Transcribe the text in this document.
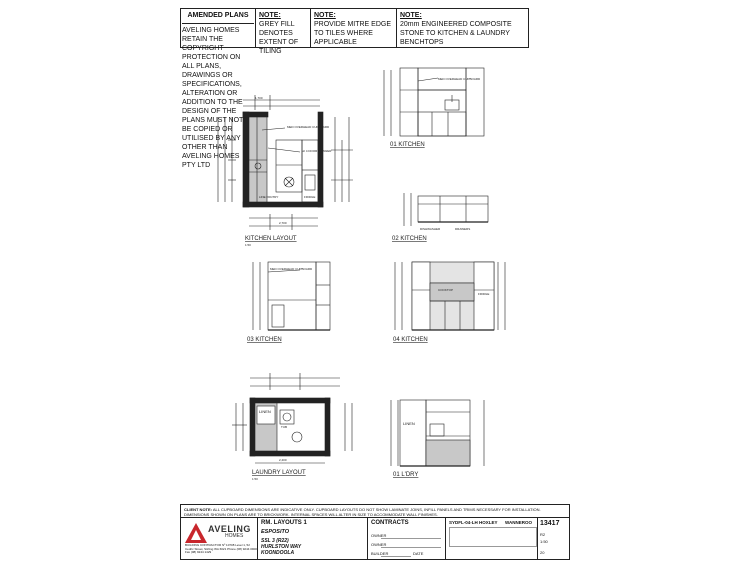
AMENDED PLANS
AVELING HOMES RETAIN THE COPYRIGHT PROTECTION ON ALL PLANS, DRAWINGS OR SPECIFICATIONS, ALTERATION OR ADDITION TO THE DESIGN OF THE PLANS MUST NOT BE COPIED OR UTILISED BY ANY OTHER THAN AVELING HOMES PTY LTD
NOTE:
GREY FILL DENOTES EXTENT OF TILING
NOTE:
PROVIDE MITRE EDGE TO TILES WHERE APPLICABLE
NOTE:
20mm ENGINEERED COMPOSITE STONE TO KITCHEN & LAUNDRY BENCHTOPS
MED OVERHEAD CUPBOARD
HI 4 DOOR DRAWER
LINE PANTRY	FRIDGE
1,700
2,700
KITCHEN LAYOUT
1:50
MED OVERHEAD CUPBOARD
01 KITCHEN
DISHWASHER	DRAWERS
02 KITCHEN
MED OVERHEAD CUPBOARD
03 KITCHEN
FRIDGE
COOKTOP
04 KITCHEN
LINEN
TUB
2,400
LAUNDRY LAYOUT
1:50
LINEN
01 L'DRY
CLIENT NOTE: ALL CUPBOARD DIMENSIONS ARE INDICATIVE ONLY. CUPBOARD LAYOUTS DO NOT SHOW LAMINATE JOINS, INFILL PANELS AND TRIMS NECESSARY FOR INSTALLATION. DIMENSIONS SHOWN ON PLANS ARE TO BRICKWORK. INTERNAL SPACES WILL ALTER IN SIZE TO ACCOMMODATE WALL FINISHES.
AVELING
HOMES
BUILDING CONTRACTOR Nº 10708 Level 1, 52 Cedric Street, Stirling WA 6021 Phone (08) 9244 0900 Fax (08) 9244 1429
RM. LAYOUTS 1
ESPOSITO
SSL 3 (R22)
HURLSTON WAY
KOONDOOLA
CONTRACTS
OWNER
OWNER
BUILDER	DATE
SYDFL-04-LH HOXLEY WANNEROO 13417
R2
1:50
20
